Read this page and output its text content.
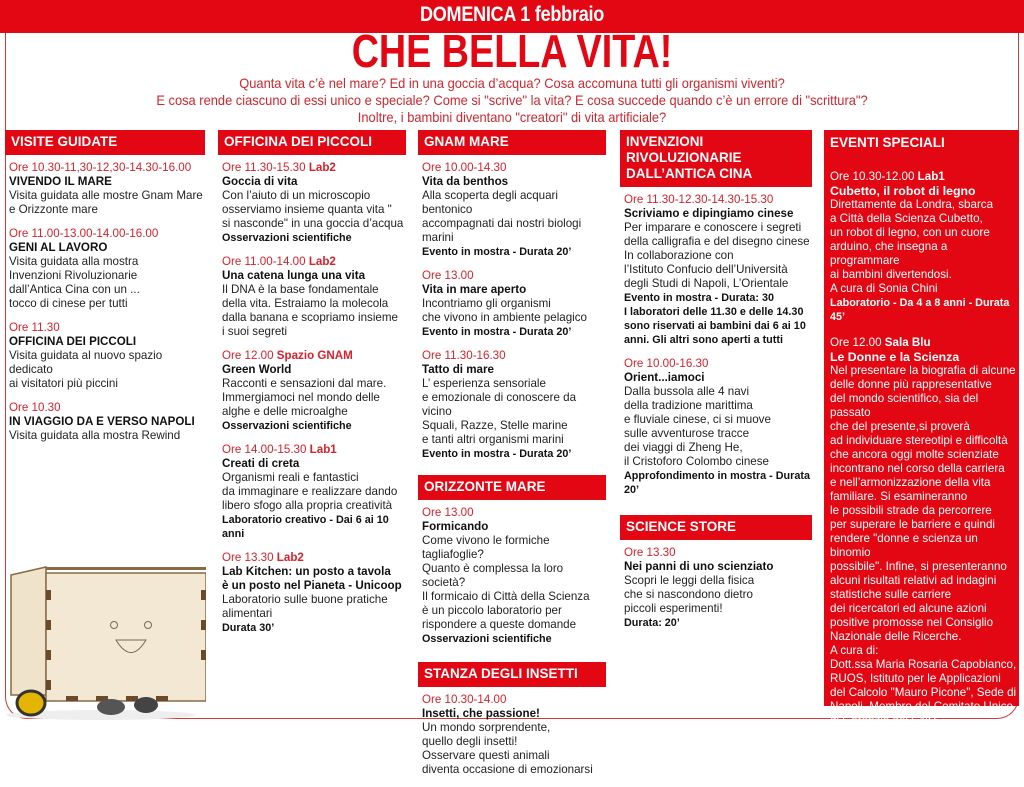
DOMENICA 1 febbraio
CHE BELLA VITA!
Quanta vita c’è nel mare? Ed in una goccia d’acqua? Cosa accomuna tutti gli organismi viventi?
E cosa rende ciascuno di essi unico e speciale? Come si "scrive" la vita? E cosa succede quando c’è un errore di "scrittura"?
Inoltre, i bambini diventano "creatori" di vita artificiale?
VISITE GUIDATE
Ore 10.30-11,30-12,30-14.30-16.00
VIVENDO IL MARE
Visita guidata alle mostre Gnam Mare
e Orizzonte mare
Ore 11.00-13.00-14.00-16.00
GENI AL LAVORO
Visita guidata alla mostra
Invenzioni Rivoluzionarie
dall’Antica Cina con un ...
tocco di cinese per tutti
Ore 11.30
OFFICINA DEI PICCOLI
Visita guidata al nuovo spazio dedicato
ai visitatori più piccini
Ore 10.30
IN VIAGGIO DA E VERSO NAPOLI
Visita guidata alla mostra Rewind
OFFICINA DEI PICCOLI
Ore 11.30-15.30 Lab2
Goccia di vita
Con l’aiuto di un microscopio
osserviamo insieme quanta vita "
si nasconde" in una goccia d’acqua
Osservazioni scientifiche
Ore 11.00-14.00 Lab2
Una catena lunga una vita
Il DNA è la base fondamentale
della vita. Estraiamo la molecola
dalla banana e scopriamo insieme
i suoi segreti
Ore 12.00 Spazio GNAM
Green World
Racconti e sensazioni dal mare.
Immergiamoci nel mondo delle
alghe e delle microalghe
Osservazioni scientifiche
Ore 14.00-15.30 Lab1
Creati di creta
Organismi reali e fantastici
da immaginare e realizzare dando
libero sfogo alla propria creatività
Laboratorio creativo - Dai 6 ai 10 anni
Ore 13.30 Lab2
Lab Kitchen: un posto a tavola
è un posto nel Pianeta - Unicoop
Laboratorio sulle buone pratiche
alimentari
Durata 30’
GNAM MARE
Ore 10.00-14.30
Vita da benthos
Alla scoperta degli acquari bentonico
accompagnati dai nostri biologi marini
Evento in mostra - Durata 20’
Ore 13.00
Vita in mare aperto
Incontriamo gli organismi
che vivono in ambiente pelagico
Evento in mostra - Durata 20’
Ore 11.30-16.30
Tatto di mare
L’ esperienza sensoriale
e emozionale di conoscere da vicino
Squali, Razze, Stelle marine
e tanti altri organismi marini
Evento in mostra - Durata 20’
ORIZZONTE MARE
Ore 13.00
Formicando
Come vivono le formiche tagliafoglie?
Quanto è complessa la loro società?
Il formicaio di Città della Scienza
è un piccolo laboratorio per
rispondere a queste domande
Osservazioni scientifiche
STANZA DEGLI INSETTI
Ore 10.30-14.00
Insetti, che passione!
Un mondo sorprendente,
quello degli insetti!
Osservare questi animali
diventa occasione di emozionarsi
INVENZIONI RIVOLUZIONARIE DALL’ANTICA CINA
Ore 11.30-12.30-14.30-15.30
Scriviamo e dipingiamo cinese
Per imparare e conoscere i segreti
della calligrafia e del disegno cinese
In collaborazione con
l’Istituto Confucio dell’Università
degli Studi di Napoli, L’Orientale
Evento in mostra - Durata: 30
I laboratori delle 11.30 e delle 14.30
sono riservati ai bambini dai 6 ai 10
anni. Gli altri sono aperti a tutti
Ore 10.00-16.30
Orient...iamoci
Dalla bussola alle 4 navi
della tradizione marittima
e fluviale cinese, ci si muove
sulle avventurose tracce
dei viaggi di Zheng He,
il Cristoforo Colombo cinese
Approfondimento in mostra - Durata 20’
SCIENCE STORE
Ore 13.30
Nei panni di uno scienziato
Scopri le leggi della fisica
che si nascondono dietro
piccoli esperimenti!
Durata: 20’
EVENTI SPECIALI
Ore 10.30-12.00 Lab1
Cubetto, il robot di legno
Direttamente da Londra, sbarca
a Città della Scienza Cubetto,
un robot di legno, con un cuore
arduino, che insegna a programmare
ai bambini divertendosi.
A cura di Sonia Chini
Laboratorio - Da 4 a 8 anni - Durata 45’
Ore 12.00 Sala Blu
Le Donne e la Scienza
Nel presentare la biografia di alcune
delle donne più rappresentative
del mondo scientifico, sia del passato
che del presente,si proverà
ad individuare stereotipi e difficoltà
che ancora oggi molte scienziate
incontrano nel corso della carriera
e nell’armonizzazione della vita
familiare. Si esamineranno
le possibili strade da percorrere
per superare le barriere e quindi
rendere "donne e scienza un binomio
possibile". Infine, si presenteranno
alcuni risultati relativi ad indagini
statistiche sulle carriere
dei ricercatori ed alcune azioni
positive promosse nel Consiglio
Nazionale delle Ricerche.
A cura di:
Dott.ssa Maria Rosaria Capobianco,
RUOS, Istituto per le Applicazioni
del Calcolo "Mauro Picone", Sede di
Napoli, Membro del Comitato Unico
di Garanzia del CNR
